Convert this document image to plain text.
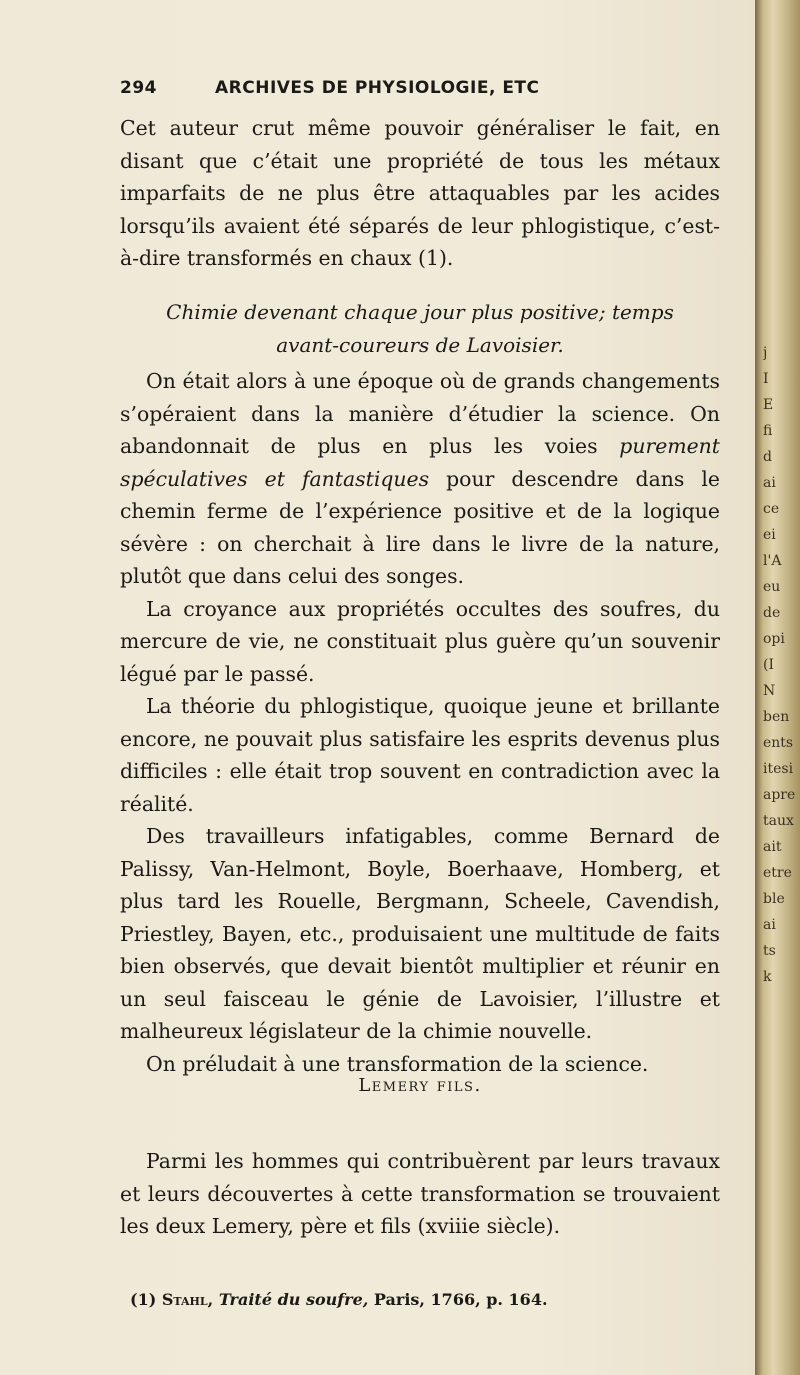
294	ARCHIVES DE PHYSIOLOGIE, ETC

Cet auteur crut même pouvoir généraliser le fait, en disant que c’était une propriété de tous les métaux imparfaits de ne plus être attaquables par les acides lorsqu’ils avaient été séparés de leur phlogistique, c’est-à-dire transformés en chaux (1).

Chimie devenant chaque jour plus positive; temps
avant-coureurs de Lavoisier.

On était alors à une époque où de grands changements s’opéraient dans la manière d’étudier la science. On abandonnait de plus en plus les voies purement spéculatives et fantastiques pour descendre dans le chemin ferme de l’expérience positive et de la logique sévère : on cherchait à lire dans le livre de la nature, plutôt que dans celui des songes.

La croyance aux propriétés occultes des soufres, du mercure de vie, ne constituait plus guère qu’un souvenir légué par le passé.

La théorie du phlogistique, quoique jeune et brillante encore, ne pouvait plus satisfaire les esprits devenus plus difficiles : elle était trop souvent en contradiction avec la réalité.

Des travailleurs infatigables, comme Bernard de Palissy, Van-Helmont, Boyle, Boerhaave, Homberg, et plus tard les Rouelle, Bergmann, Scheele, Cavendish, Priestley, Bayen, etc., produisaient une multitude de faits bien observés, que devait bientôt multiplier et réunir en un seul faisceau le génie de Lavoisier, l’illustre et malheureux législateur de la chimie nouvelle.

On préludait à une transformation de la science.

Lemery fils.

Parmi les hommes qui contribuèrent par leurs travaux et leurs découvertes à cette transformation se trouvaient les deux Lemery, père et fils (xviiie siècle).

(1) Stahl, Traité du soufre, Paris, 1766, p. 164.
j
I
E
fi
d
ai
ce
ei
l'A
eu
de
opi
(I
N
ben
ents
itesi
apre
taux
ait
etre
ble
ai
ts
k
